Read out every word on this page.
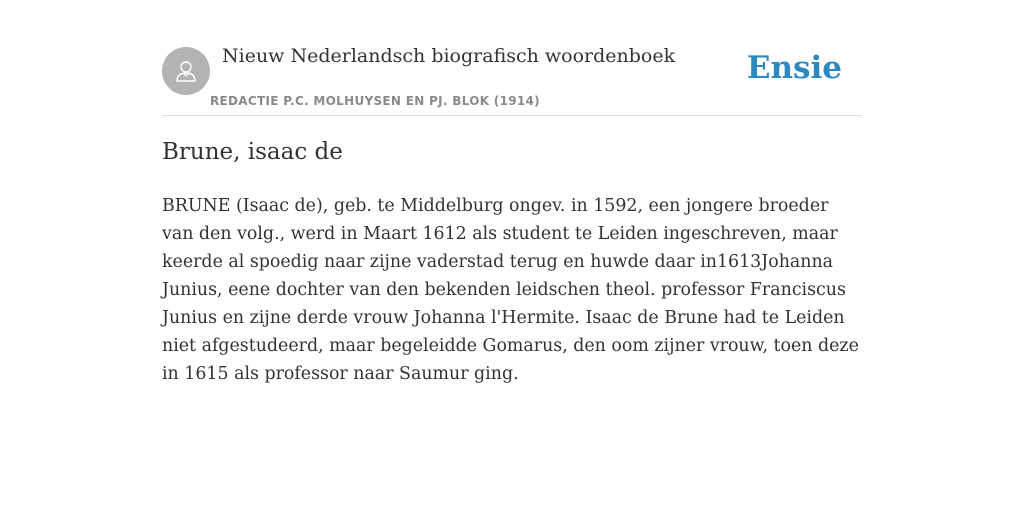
Nieuw Nederlandsch biografisch woordenboek
REDACTIE P.C. MOLHUYSEN EN PJ. BLOK (1914)
Ensie
Brune, isaac de

BRUNE (Isaac de), geb. te Middelburg ongev. in 1592, een jongere broeder van den volg., werd in Maart 1612 als student te Leiden ingeschreven, maar keerde al spoedig naar zijne vaderstad terug en huwde daar in1613Johanna Junius, eene dochter van den bekenden leidschen theol. professor Franciscus Junius en zijne derde vrouw Johanna l'Hermite. Isaac de Brune had te Leiden niet afgestudeerd, maar begeleidde Gomarus, den oom zijner vrouw, toen deze in 1615 als professor naar Saumur ging.
